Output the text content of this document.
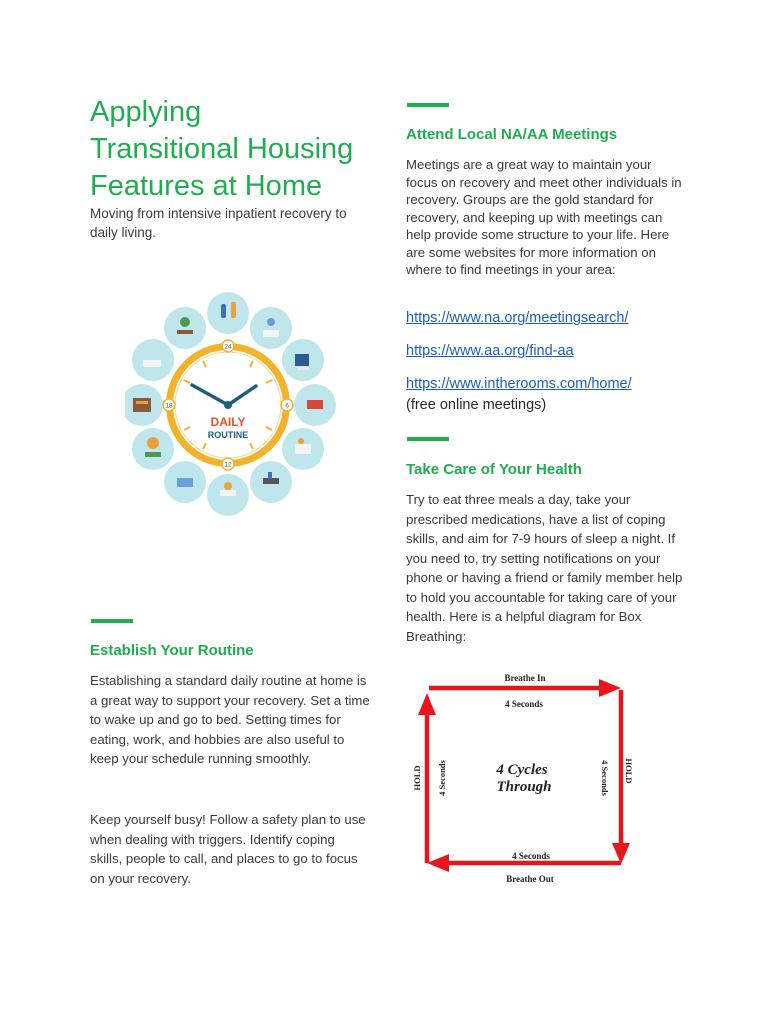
Applying
Transitional Housing
Features at Home

Moving from intensive inpatient recovery to daily living.

24
6
12
18
DAILY
ROUTINE
Establish Your Routine

Establishing a standard daily routine at home is a great way to support your recovery. Set a time to wake up and go to bed. Setting times for eating, work, and hobbies are also useful to keep your schedule running smoothly.

Keep yourself busy! Follow a safety plan to use when dealing with triggers. Identify coping skills, people to call, and places to go to focus on your recovery.

Attend Local NA/AA Meetings

Meetings are a great way to maintain your focus on recovery and meet other individuals in recovery. Groups are the gold standard for recovery, and keeping up with meetings can help provide some structure to your life. Here are some websites for more information on where to find meetings in your area:

https://www.na.org/meetingsearch/
https://www.aa.org/find-aa
https://www.intherooms.com/home/
(free online meetings)
Take Care of Your Health

Try to eat three meals a day, take your prescribed medications, have a list of coping skills, and aim for 7-9 hours of sleep a night. If you need to, try setting notifications on your phone or having a friend or family member help to hold you accountable for taking care of your health. Here is a helpful diagram for Box Breathing:

Breathe In
4 Seconds
4 Seconds
Breathe Out
HOLD 4 Seconds	4 Seconds HOLD
4 Cycles
Through
